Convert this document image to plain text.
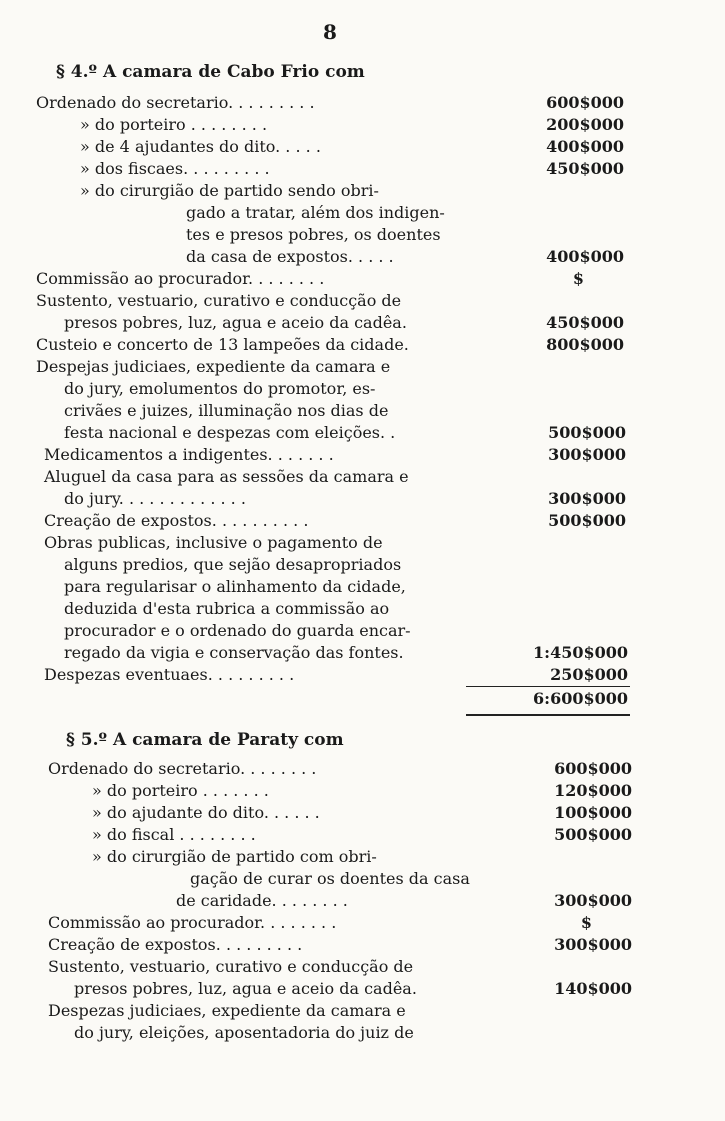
8
§ 4.º A camara de Cabo Frio com
Ordenado do secretario. . . . . . . . .
» do porteiro . . . . . . . .
» de 4 ajudantes do dito. . . . .
» dos fiscaes. . . . . . . . .
» do cirurgião de partido sendo obri-
gado a tratar, além dos indigen-
tes e presos pobres, os doentes
da casa de expostos. . . . .
Commissão ao procurador. . . . . . . .
Sustento, vestuario, curativo e conducção de
presos pobres, luz, agua e aceio da cadêa.
Custeio e concerto de 13 lampeões da cidade.
Despejas judiciaes, expediente da camara e
do jury, emolumentos do promotor, es-
crivães e juizes, illuminação nos dias de
festa nacional e despezas com eleições. .
Medicamentos a indigentes. . . . . . .
Aluguel da casa para as sessões da camara e
do jury. . . . . . . . . . . . .
Creação de expostos. . . . . . . . . .
Obras publicas, inclusive o pagamento de
alguns predios, que sejão desapropriados
para regularisar o alinhamento da cidade,
deduzida d'esta rubrica a commissão ao
procurador e o ordenado do guarda encar-
regado da vigia e conservação das fontes.
Despezas eventuaes. . . . . . . . .
600$000
200$000
400$000
450$000
400$000
$
450$000
800$000
500$000
300$000
300$000
500$000
1:450$000
250$000
6:600$000
§ 5.º A camara de Paraty com
Ordenado do secretario. . . . . . . .
» do porteiro . . . . . . .
» do ajudante do dito. . . . . .
» do fiscal . . . . . . . .
» do cirurgião de partido com obri-
gação de curar os doentes da casa
de caridade. . . . . . . .
Commissão ao procurador. . . . . . . .
Creação de expostos. . . . . . . . .
Sustento, vestuario, curativo e conducção de
presos pobres, luz, agua e aceio da cadêa.
Despezas judiciaes, expediente da camara e
do jury, eleições, aposentadoria do juiz de
600$000
120$000
100$000
500$000
300$000
$
300$000
140$000
